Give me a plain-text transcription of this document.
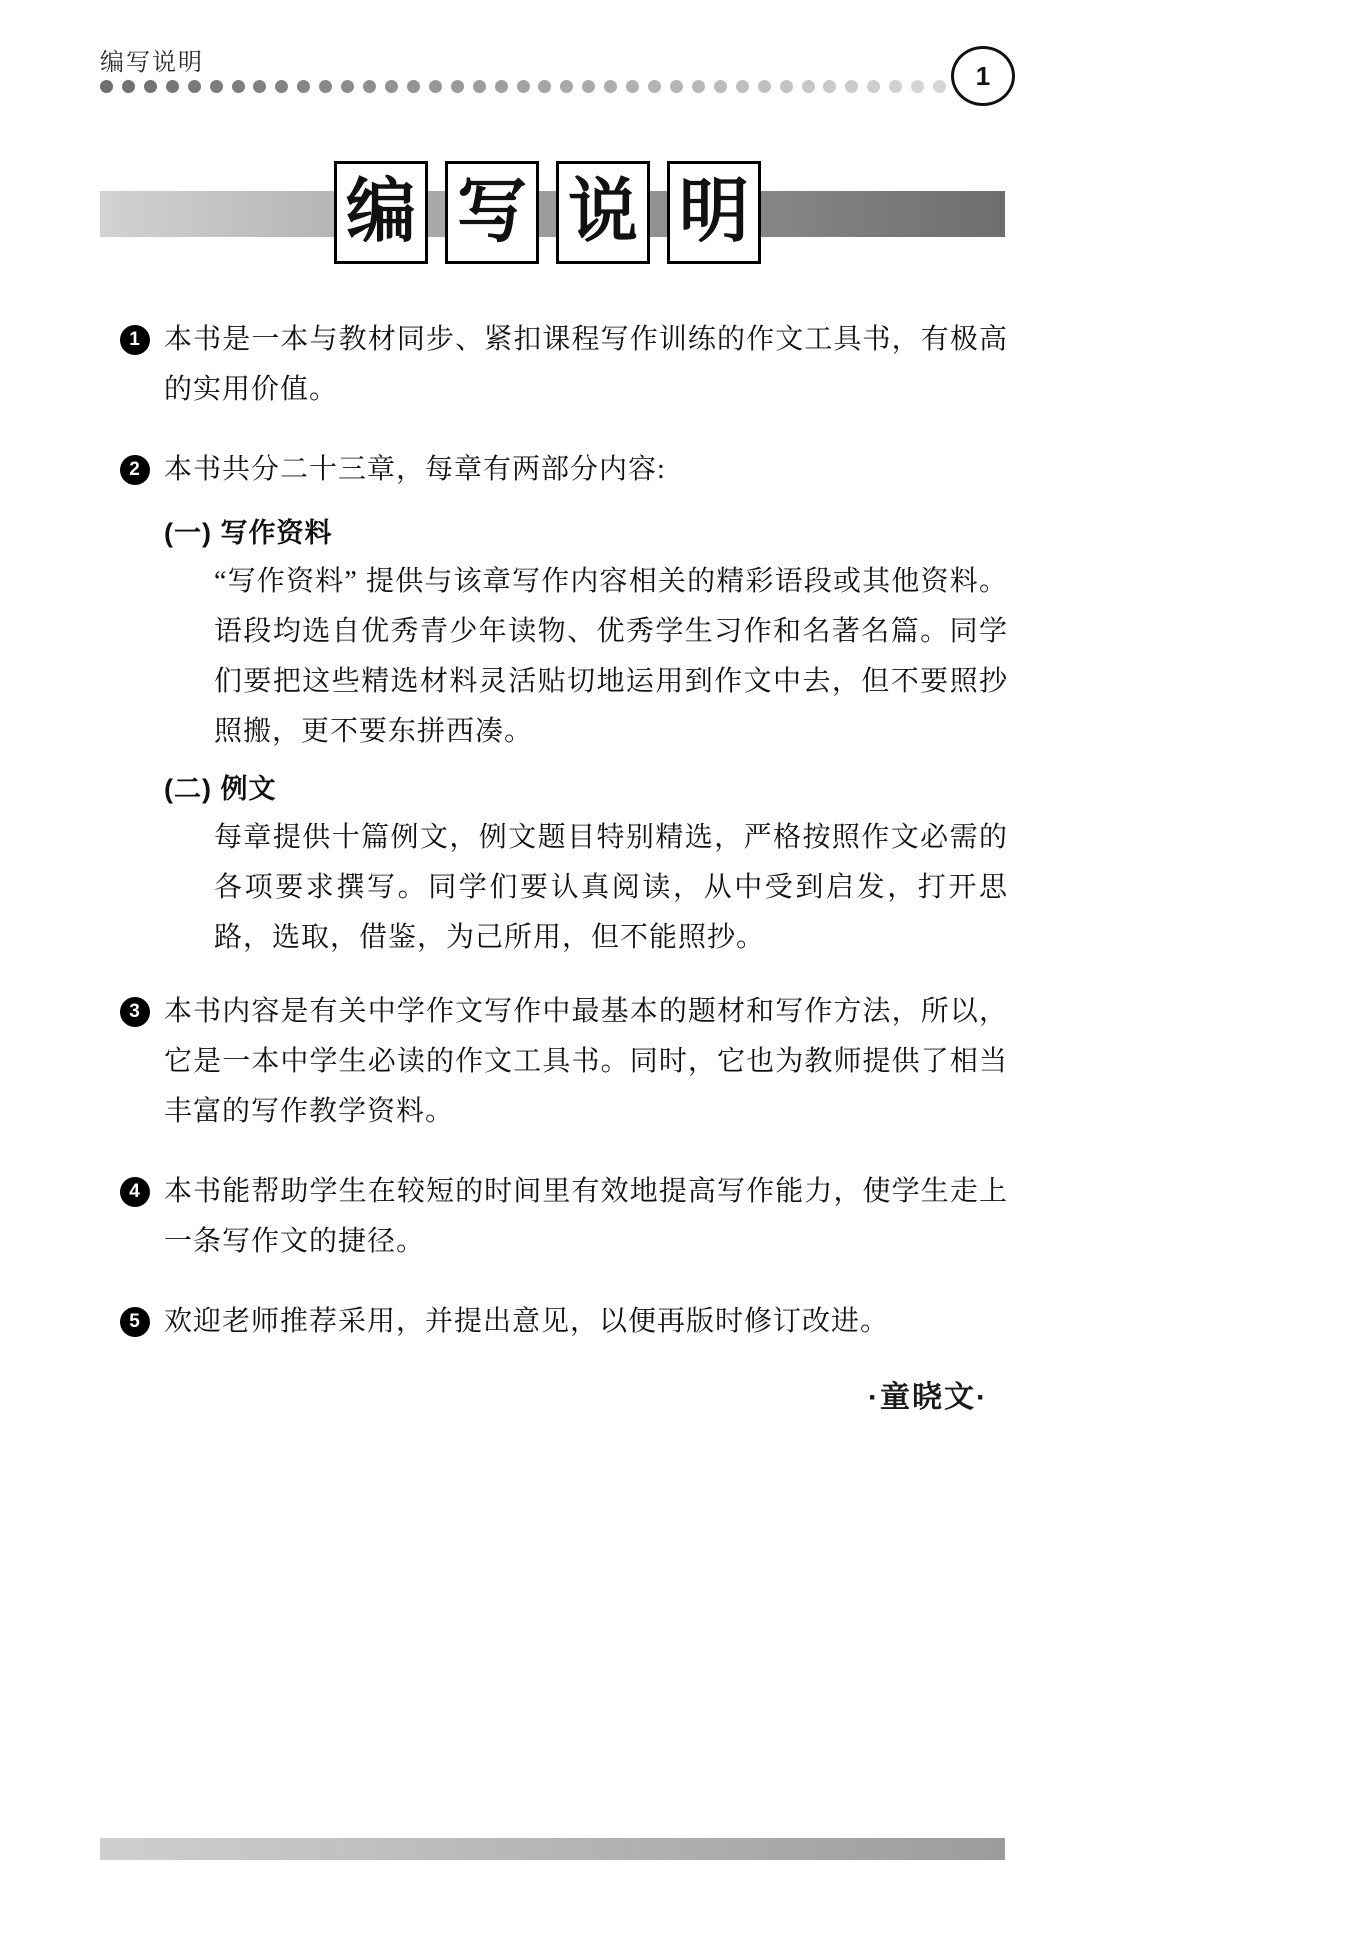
编写说明	1
编 写 说 明
1 本书是一本与教材同步、紧扣课程写作训练的作文工具书，有极高的实用价值。
2 本书共分二十三章，每章有两部分内容:
(一) 写作资料
“写作资料” 提供与该章写作内容相关的精彩语段或其他资料。语段均选自优秀青少年读物、优秀学生习作和名著名篇。同学们要把这些精选材料灵活贴切地运用到作文中去，但不要照抄照搬，更不要东拼西凑。
(二) 例文
每章提供十篇例文，例文题目特别精选，严格按照作文必需的各项要求撰写。同学们要认真阅读，从中受到启发，打开思路，选取，借鉴，为己所用，但不能照抄。
3 本书内容是有关中学作文写作中最基本的题材和写作方法，所以，它是一本中学生必读的作文工具书。同时，它也为教师提供了相当丰富的写作教学资料。
4 本书能帮助学生在较短的时间里有效地提高写作能力，使学生走上一条写作文的捷径。
5 欢迎老师推荐采用，并提出意见，以便再版时修订改进。
·童晓文·
